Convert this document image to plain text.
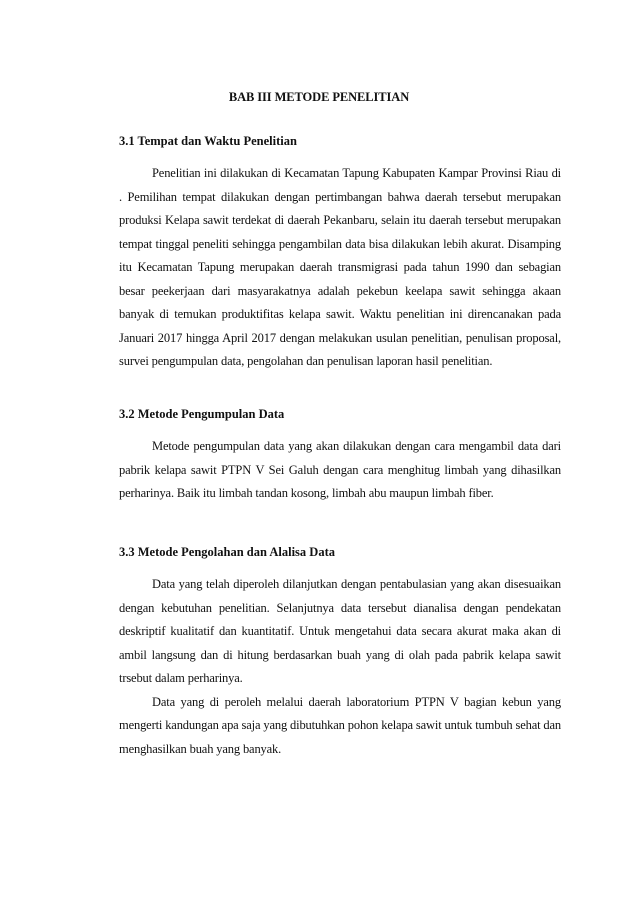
BAB III METODE PENELITIAN

3.1 Tempat dan Waktu Penelitian

Penelitian ini dilakukan di Kecamatan Tapung Kabupaten Kampar Provinsi Riau di . Pemilihan tempat dilakukan dengan pertimbangan bahwa daerah tersebut merupakan produksi Kelapa sawit terdekat di daerah Pekanbaru, selain itu daerah tersebut merupakan tempat tinggal peneliti sehingga pengambilan data bisa dilakukan lebih akurat. Disamping itu Kecamatan Tapung merupakan daerah transmigrasi pada tahun 1990 dan sebagian besar peekerjaan dari masyarakatnya adalah pekebun keelapa sawit sehingga akaan banyak di temukan produktifitas kelapa sawit. Waktu penelitian ini direncanakan pada Januari 2017 hingga April 2017 dengan melakukan usulan penelitian, penulisan proposal, survei pengumpulan data, pengolahan dan penulisan laporan hasil penelitian.

3.2 Metode Pengumpulan Data

Metode pengumpulan data yang akan dilakukan dengan cara mengambil data dari pabrik kelapa sawit PTPN V Sei Galuh dengan cara menghitug limbah yang dihasilkan perharinya. Baik itu limbah tandan kosong, limbah abu maupun limbah fiber.

3.3 Metode Pengolahan dan Alalisa Data

Data yang telah diperoleh dilanjutkan dengan pentabulasian yang akan disesuaikan dengan kebutuhan penelitian. Selanjutnya data tersebut dianalisa dengan pendekatan deskriptif kualitatif dan kuantitatif. Untuk mengetahui data secara akurat maka akan di ambil langsung dan di hitung berdasarkan buah yang di olah pada pabrik kelapa sawit trsebut dalam perharinya.

Data yang di peroleh melalui daerah laboratorium PTPN V bagian kebun yang mengerti kandungan apa saja yang dibutuhkan pohon kelapa sawit untuk tumbuh sehat dan menghasilkan buah yang banyak.
